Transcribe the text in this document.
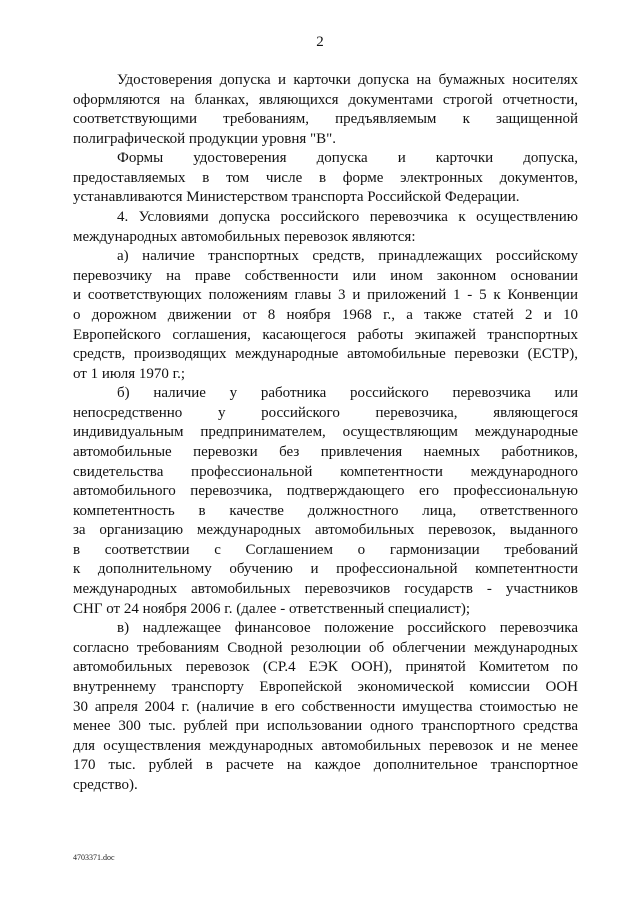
2
Удостоверения допуска и карточки допуска на бумажных носителях
оформляются на бланках, являющихся документами строгой отчетности,
соответствующими требованиям, предъявляемым к защищенной
полиграфической продукции уровня "В".
Формы удостоверения допуска и карточки допуска,
предоставляемых в том числе в форме электронных документов,
устанавливаются Министерством транспорта Российской Федерации.
4. Условиями допуска российского перевозчика к осуществлению
международных автомобильных перевозок являются:
а) наличие транспортных средств, принадлежащих российскому
перевозчику на праве собственности или ином законном основании
и соответствующих положениям главы 3 и приложений 1 - 5 к Конвенции
о дорожном движении от 8 ноября 1968 г., а также статей 2 и 10
Европейского соглашения, касающегося работы экипажей транспортных
средств, производящих международные автомобильные перевозки (ЕСТР),
от 1 июля 1970 г.;
б) наличие у работника российского перевозчика или
непосредственно у российского перевозчика, являющегося
индивидуальным предпринимателем, осуществляющим международные
автомобильные перевозки без привлечения наемных работников,
свидетельства профессиональной компетентности международного
автомобильного перевозчика, подтверждающего его профессиональную
компетентность в качестве должностного лица, ответственного
за организацию международных автомобильных перевозок, выданного
в соответствии с Соглашением о гармонизации требований
к дополнительному обучению и профессиональной компетентности
международных автомобильных перевозчиков государств - участников
СНГ от 24 ноября 2006 г. (далее - ответственный специалист);
в) надлежащее финансовое положение российского перевозчика
согласно требованиям Сводной резолюции об облегчении международных
автомобильных перевозок (СР.4 ЕЭК ООН), принятой Комитетом по
внутреннему транспорту Европейской экономической комиссии ООН
30 апреля 2004 г. (наличие в его собственности имущества стоимостью не
менее 300 тыс. рублей при использовании одного транспортного средства
для осуществления международных автомобильных перевозок и не менее
170 тыс. рублей в расчете на каждое дополнительное транспортное
средство).
4703371.doc
